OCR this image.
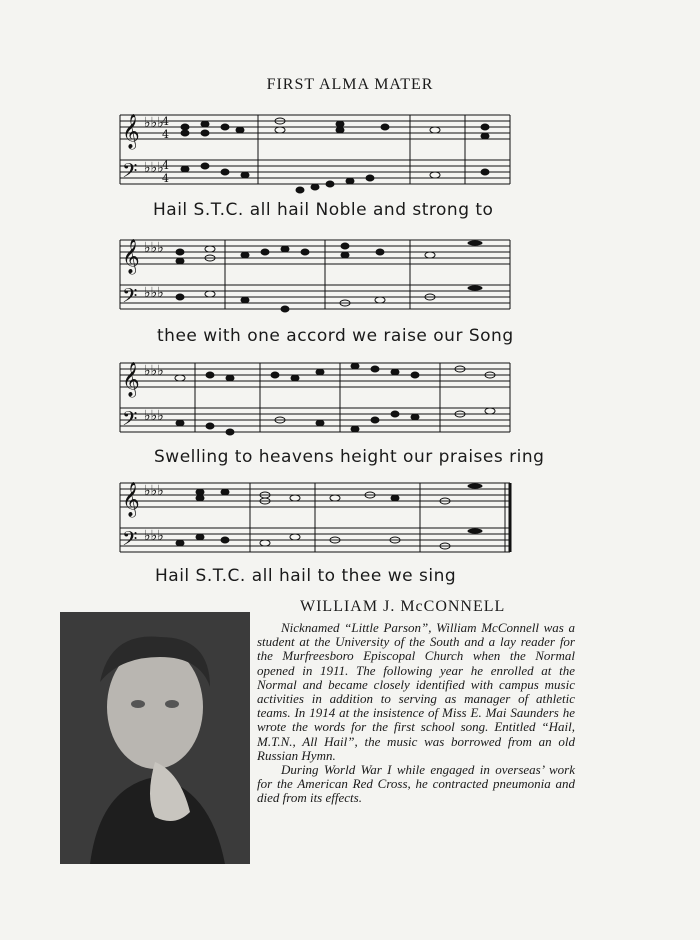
FIRST ALMA MATER
𝄞
𝄢
♭♭♭
♭♭♭
4
4
4
4
𝄞
𝄢
♭♭♭
♭♭♭
𝄞
𝄢
♭♭♭
♭♭♭
𝄞
𝄢
♭♭♭
♭♭♭
Hail S.T.C. all hail Noble and strong to
thee with one accord we raise our Song
Swelling to heavens height our praises ring
Hail S.T.C. all hail to thee we sing
WILLIAM J. McCONNELL

Nicknamed “Little Parson”, William McConnell was a student at the University of the South and a lay reader for the Murfreesboro Episcopal Church when the Normal opened in 1911. The following year he enrolled at the Normal and became closely identified with campus music activities in addition to serving as manager of athletic teams. In 1914 at the insistence of Miss E. Mai Saunders he wrote the words for the first school song. Entitled “Hail, M.T.N., All Hail”, the music was borrowed from an old Russian Hymn.

During World War I while engaged in overseas’ work for the American Red Cross, he contracted pneumonia and died from its effects.
